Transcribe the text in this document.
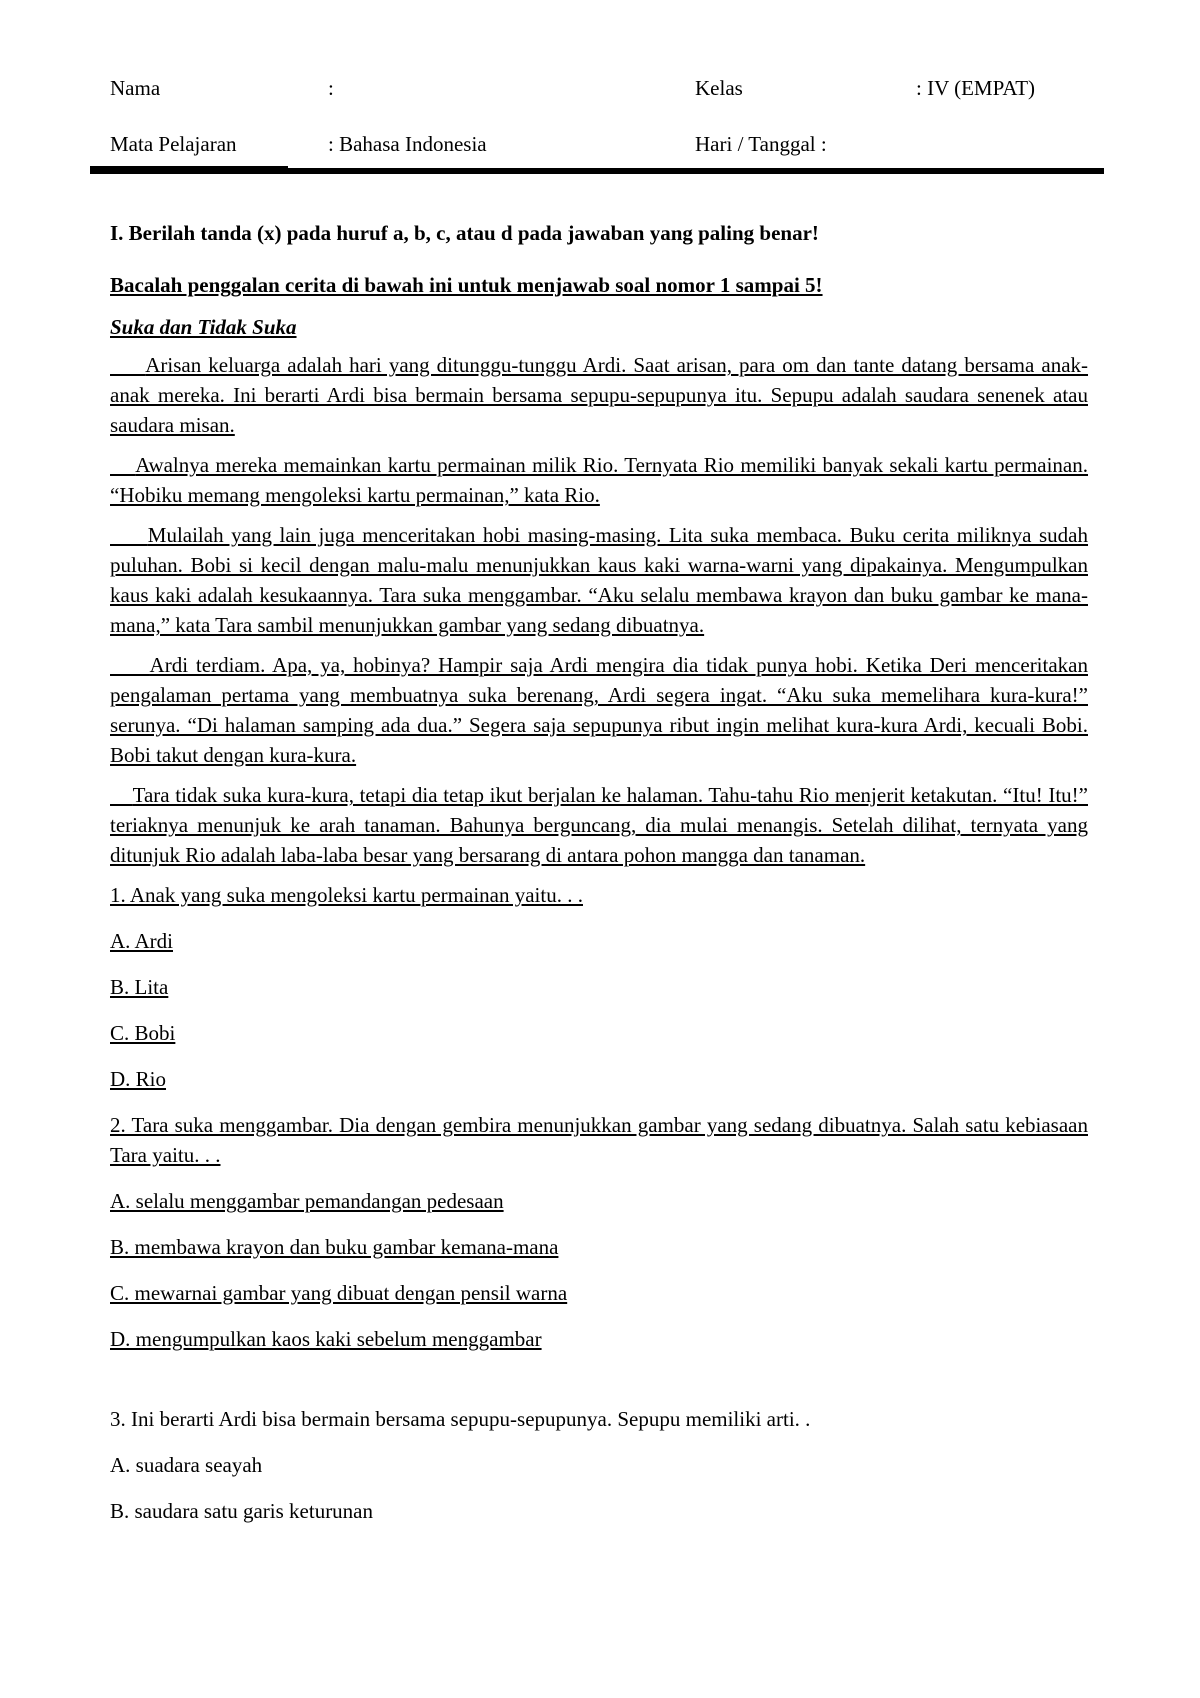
Nama	:	Kelas	: IV (EMPAT)
Mata Pelajaran	: Bahasa Indonesia	Hari / Tanggal :

I. Berilah tanda (x) pada huruf a, b, c, atau d pada jawaban yang paling benar!

Bacalah penggalan cerita di bawah ini untuk menjawab soal nomor 1 sampai 5!

Suka dan Tidak Suka

Arisan keluarga adalah hari yang ditunggu-tunggu Ardi. Saat arisan, para om dan tante datang bersama anak-anak mereka. Ini berarti Ardi bisa bermain bersama sepupu-sepupunya itu. Sepupu adalah saudara senenek atau saudara misan.

Awalnya mereka memainkan kartu permainan milik Rio. Ternyata Rio memiliki banyak sekali kartu permainan. “Hobiku memang mengoleksi kartu permainan,” kata Rio.

Mulailah yang lain juga menceritakan hobi masing-masing. Lita suka membaca. Buku cerita miliknya sudah puluhan. Bobi si kecil dengan malu-malu menunjukkan kaus kaki warna-warni yang dipakainya. Mengumpulkan kaus kaki adalah kesukaannya. Tara suka menggambar. “Aku selalu membawa krayon dan buku gambar ke mana-mana,” kata Tara sambil menunjukkan gambar yang sedang dibuatnya.

Ardi terdiam. Apa, ya, hobinya? Hampir saja Ardi mengira dia tidak punya hobi. Ketika Deri menceritakan pengalaman pertama yang membuatnya suka berenang, Ardi segera ingat. “Aku suka memelihara kura-kura!” serunya. “Di halaman samping ada dua.” Segera saja sepupunya ribut ingin melihat kura-kura Ardi, kecuali Bobi. Bobi takut dengan kura-kura.

Tara tidak suka kura-kura, tetapi dia tetap ikut berjalan ke halaman. Tahu-tahu Rio menjerit ketakutan. “Itu! Itu!” teriaknya menunjuk ke arah tanaman. Bahunya berguncang, dia mulai menangis. Setelah dilihat, ternyata yang ditunjuk Rio adalah laba-laba besar yang bersarang di antara pohon mangga dan tanaman.

1. Anak yang suka mengoleksi kartu permainan yaitu. . .

A. Ardi

B. Lita

C. Bobi

D. Rio

2. Tara suka menggambar. Dia dengan gembira menunjukkan gambar yang sedang dibuatnya. Salah satu kebiasaan Tara yaitu. . .

A. selalu menggambar pemandangan pedesaan

B. membawa krayon dan buku gambar kemana-mana

C. mewarnai gambar yang dibuat dengan pensil warna

D. mengumpulkan kaos kaki sebelum menggambar

3. Ini berarti Ardi bisa bermain bersama sepupu-sepupunya. Sepupu memiliki arti. .

A. suadara seayah

B. saudara satu garis keturunan
